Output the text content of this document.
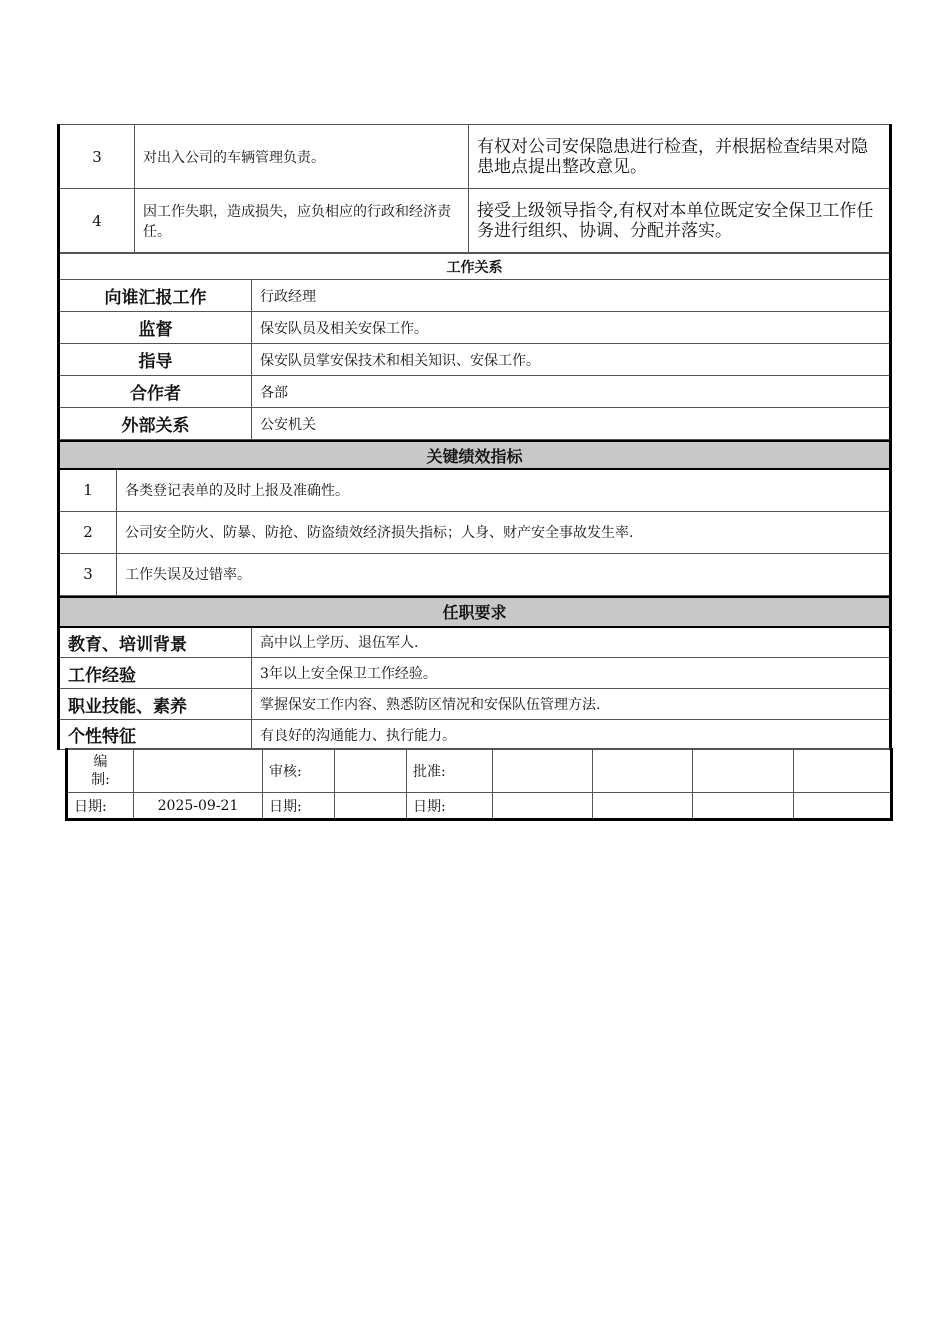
3	对出入公司的车辆管理负责。	有权对公司安保隐患进行检查，并根据检查结果对隐患地点提出整改意见。
4	因工作失职，造成损失，应负相应的行政和经济责任。	接受上级领导指令,有权对本单位既定安全保卫工作任务进行组织、协调、分配并落实。
工作关系	
向谁汇报工作	行政经理
监督	保安队员及相关安保工作。
指导	保安队员掌安保技术和相关知识、安保工作。
合作者	各部
外部关系	公安机关
关键绩效指标	
1	各类登记表单的及时上报及准确性。
2	公司安全防火、防暴、防抢、防盗绩效经济损失指标；人身、财产安全事故发生率.
3	工作失误及过错率。
任职要求	
教育、培训背景	高中以上学历、退伍军人.
工作经验	3年以上安全保卫工作经验。
职业技能、素养	掌握保安工作内容、熟悉防区情况和安保队伍管理方法.
个性特征	有良好的沟通能力、执行能力。
编制:		审核:		批准:				
日期:	2025-09-21	日期:		日期:				
